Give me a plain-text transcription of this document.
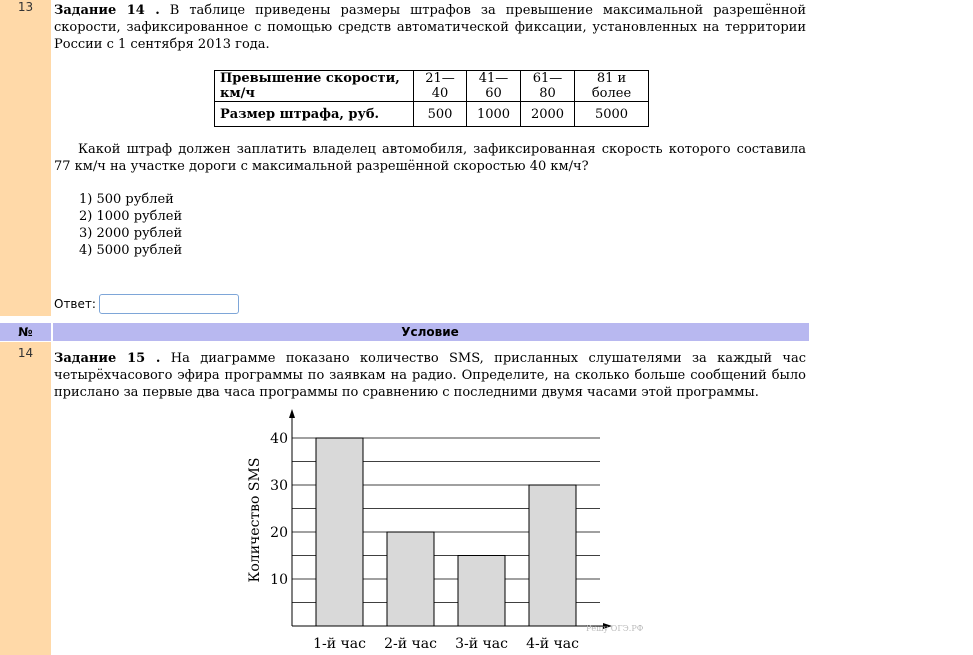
13
14
Задание 14 . В таблице приведены размеры штрафов за превышение максимальной разрешённой скорости, зафиксированное с помощью средств автоматической фиксации, установленных на территории России с 1 сентября 2013 года.
Превышение скорости, км/ч	21—40	41—60	61—80	81 и более
Размер штрафа, руб.	500	1000	2000	5000
Какой штраф должен заплатить владелец автомобиля, зафиксированная скорость которого составила 77 км/ч на участке дороги с максимальной разрешённой скоростью 40 км/ч?
1) 500 рублей
2) 1000 рублей
3) 2000 рублей
4) 5000 рублей
Ответ:
№	Условие
Задание 15 . На диаграмме показано количество SMS, присланных слушателями за каждый час четырёхчасового эфира программы по заявкам на радио. Определите, на сколько больше сообщений было прислано за первые два часа программы по сравнению с последними двумя часами этой программы.
10
20
30
40
1-й час 2-й час 3-й час 4-й час
Количество SMS
Решу ОГЭ.РФ
